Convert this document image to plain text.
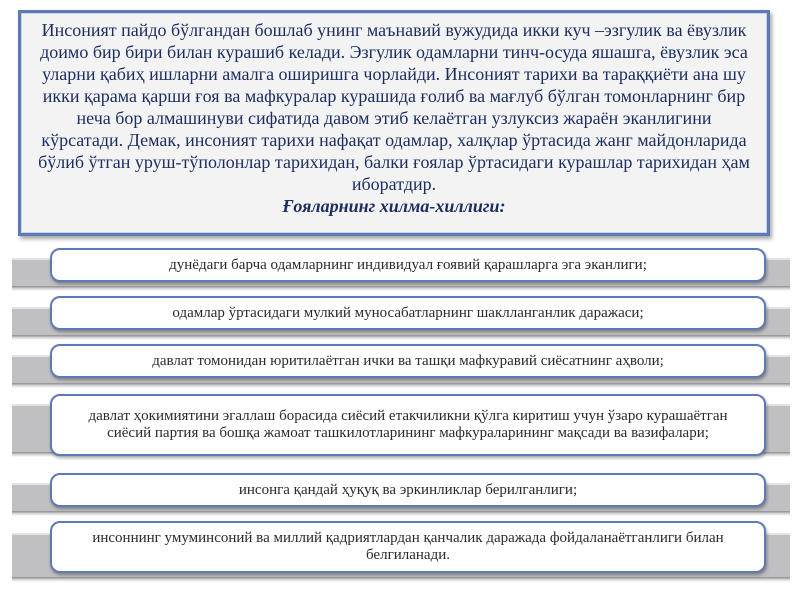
Инсоният пайдо бўлгандан бошлаб унинг маънавий вужудида икки куч –эзгулик ва ёвузлик доимо бир бири билан курашиб келади. Эзгулик одамларни тинч-осуда яшашга, ёвузлик эса уларни қабиҳ ишларни амалга оширишга чорлайди. Инсоният тарихи ва тараққиёти ана шу икки қарама қарши ғоя ва мафкуралар курашида ғолиб ва мағлуб бўлган томонларнинг бир неча бор алмашинуви сифатида давом этиб келаётган узлуксиз жараён эканлигини кўрсатади. Демак, инсоният тарихи нафақат одамлар, халқлар ўртасида жанг майдонларида бўлиб ўтган уруш-тўполонлар тарихидан, балки ғоялар ўртасидаги курашлар тарихидан ҳам иборатдир.
Ғояларнинг хилма-хиллиги:
дунёдаги барча одамларнинг индивидуал ғоявий қарашларга эга эканлиги;
одамлар ўртасидаги мулкий муносабатларнинг шаклланганлик даражаси;
давлат томонидан юритилаётган ички ва ташқи мафкуравий сиёсатнинг аҳволи;
давлат ҳокимиятини эгаллаш борасида сиёсий етакчиликни қўлга киритиш учун ўзаро курашаётган сиёсий партия ва бошқа жамоат ташкилотларининг мафкураларининг мақсади ва вазифалари;
инсонга қандай ҳуқуқ ва эркинликлар берилганлиги;
инсоннинг умуминсоний ва миллий қадриятлардан қанчалик даражада фойдаланаётганлиги билан белгиланади.
